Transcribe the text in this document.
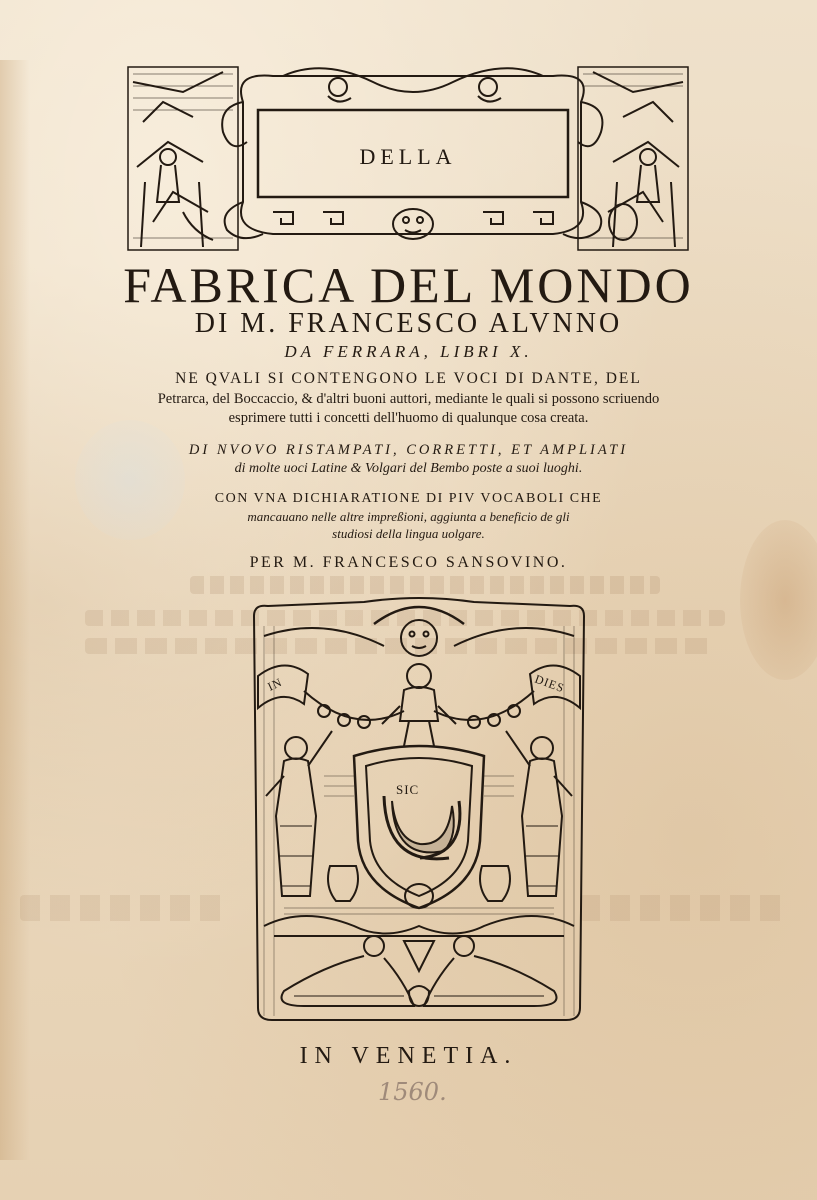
DELLA
FABRICA DEL MONDO
DI M. FRANCESCO ALVNNO
DA FERRARA, LIBRI X.
NE QVALI SI CONTENGONO LE VOCI DI DANTE, DEL
Petrarca, del Boccaccio, & d'altri buoni auttori, mediante le quali si possono scriuendo
esprimere tutti i concetti dell'huomo di qualunque cosa creata.
DI NVOVO RISTAMPATI, CORRETTI, ET AMPLIATI
di molte uoci Latine & Volgari del Bembo poste a suoi luoghi.
CON VNA DICHIARATIONE DI PIV VOCABOLI CHE
mancauano nelle altre impreßioni, aggiunta a beneficio de gli
studiosi della lingua uolgare.
PER M. FRANCESCO SANSOVINO.
IN	DIES
SIC
IN VENETIA.
1560.
